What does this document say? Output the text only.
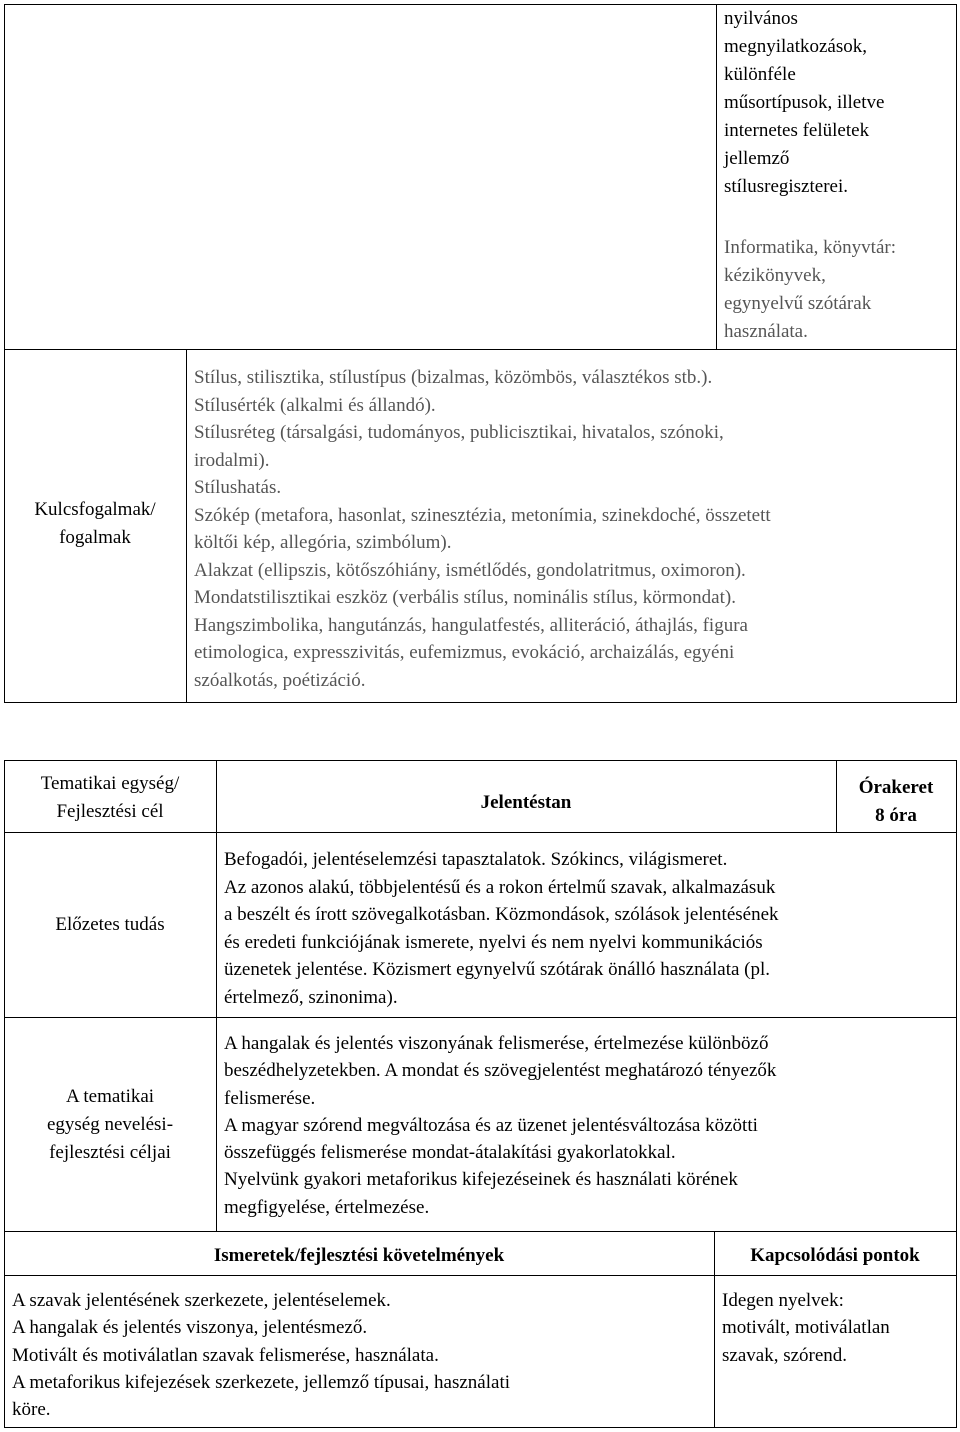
nyilvános
megnyilatkozások,
különféle
műsortípusok, illetve
internetes felületek
jellemző
stílusregiszterei.
Informatika, könyvtár:
kézikönyvek,
egynyelvű szótárak
használata.
Kulcsfogalmak/
fogalmak
Stílus, stilisztika, stílustípus (bizalmas, közömbös, választékos stb.).
Stílusérték (alkalmi és állandó).
Stílusréteg (társalgási, tudományos, publicisztikai, hivatalos, szónoki,
irodalmi).
Stílushatás.
Szókép (metafora, hasonlat, szinesztézia, metonímia, szinekdoché, összetett
költői kép, allegória, szimbólum).
Alakzat (ellipszis, kötőszóhiány, ismétlődés, gondolatritmus, oximoron).
Mondatstilisztikai eszköz (verbális stílus, nominális stílus, körmondat).
Hangszimbolika, hangutánzás, hangulatfestés, alliteráció, áthajlás, figura
etimologica, expresszivitás, eufemizmus, evokáció, archaizálás, egyéni
szóalkotás, poétizáció.
Tematikai egység/
Fejlesztési cél	Jelentéstan
Órakeret
8 óra
Előzetes tudás
Befogadói, jelentéselemzési tapasztalatok. Szókincs, világismeret.
Az azonos alakú, többjelentésű és a rokon értelmű szavak, alkalmazásuk
a beszélt és írott szövegalkotásban. Közmondások, szólások jelentésének
és eredeti funkciójának ismerete, nyelvi és nem nyelvi kommunikációs
üzenetek jelentése. Közismert egynyelvű szótárak önálló használata (pl.
értelmező, szinonima).
A tematikai
egység nevelési-
fejlesztési céljai
A hangalak és jelentés viszonyának felismerése, értelmezése különböző
beszédhelyzetekben. A mondat és szövegjelentést meghatározó tényezők
felismerése.
A magyar szórend megváltozása és az üzenet jelentésváltozása közötti
összefüggés felismerése mondat-átalakítási gyakorlatokkal.
Nyelvünk gyakori metaforikus kifejezéseinek és használati körének
megfigyelése, értelmezése.
Ismeretek/fejlesztési követelmények	Kapcsolódási pontok
A szavak jelentésének szerkezete, jelentéselemek.
A hangalak és jelentés viszonya, jelentésmező.
Motivált és motiválatlan szavak felismerése, használata.
A metaforikus kifejezések szerkezete, jellemző típusai, használati
köre.
Idegen nyelvek:
motivált, motiválatlan
szavak, szórend.
